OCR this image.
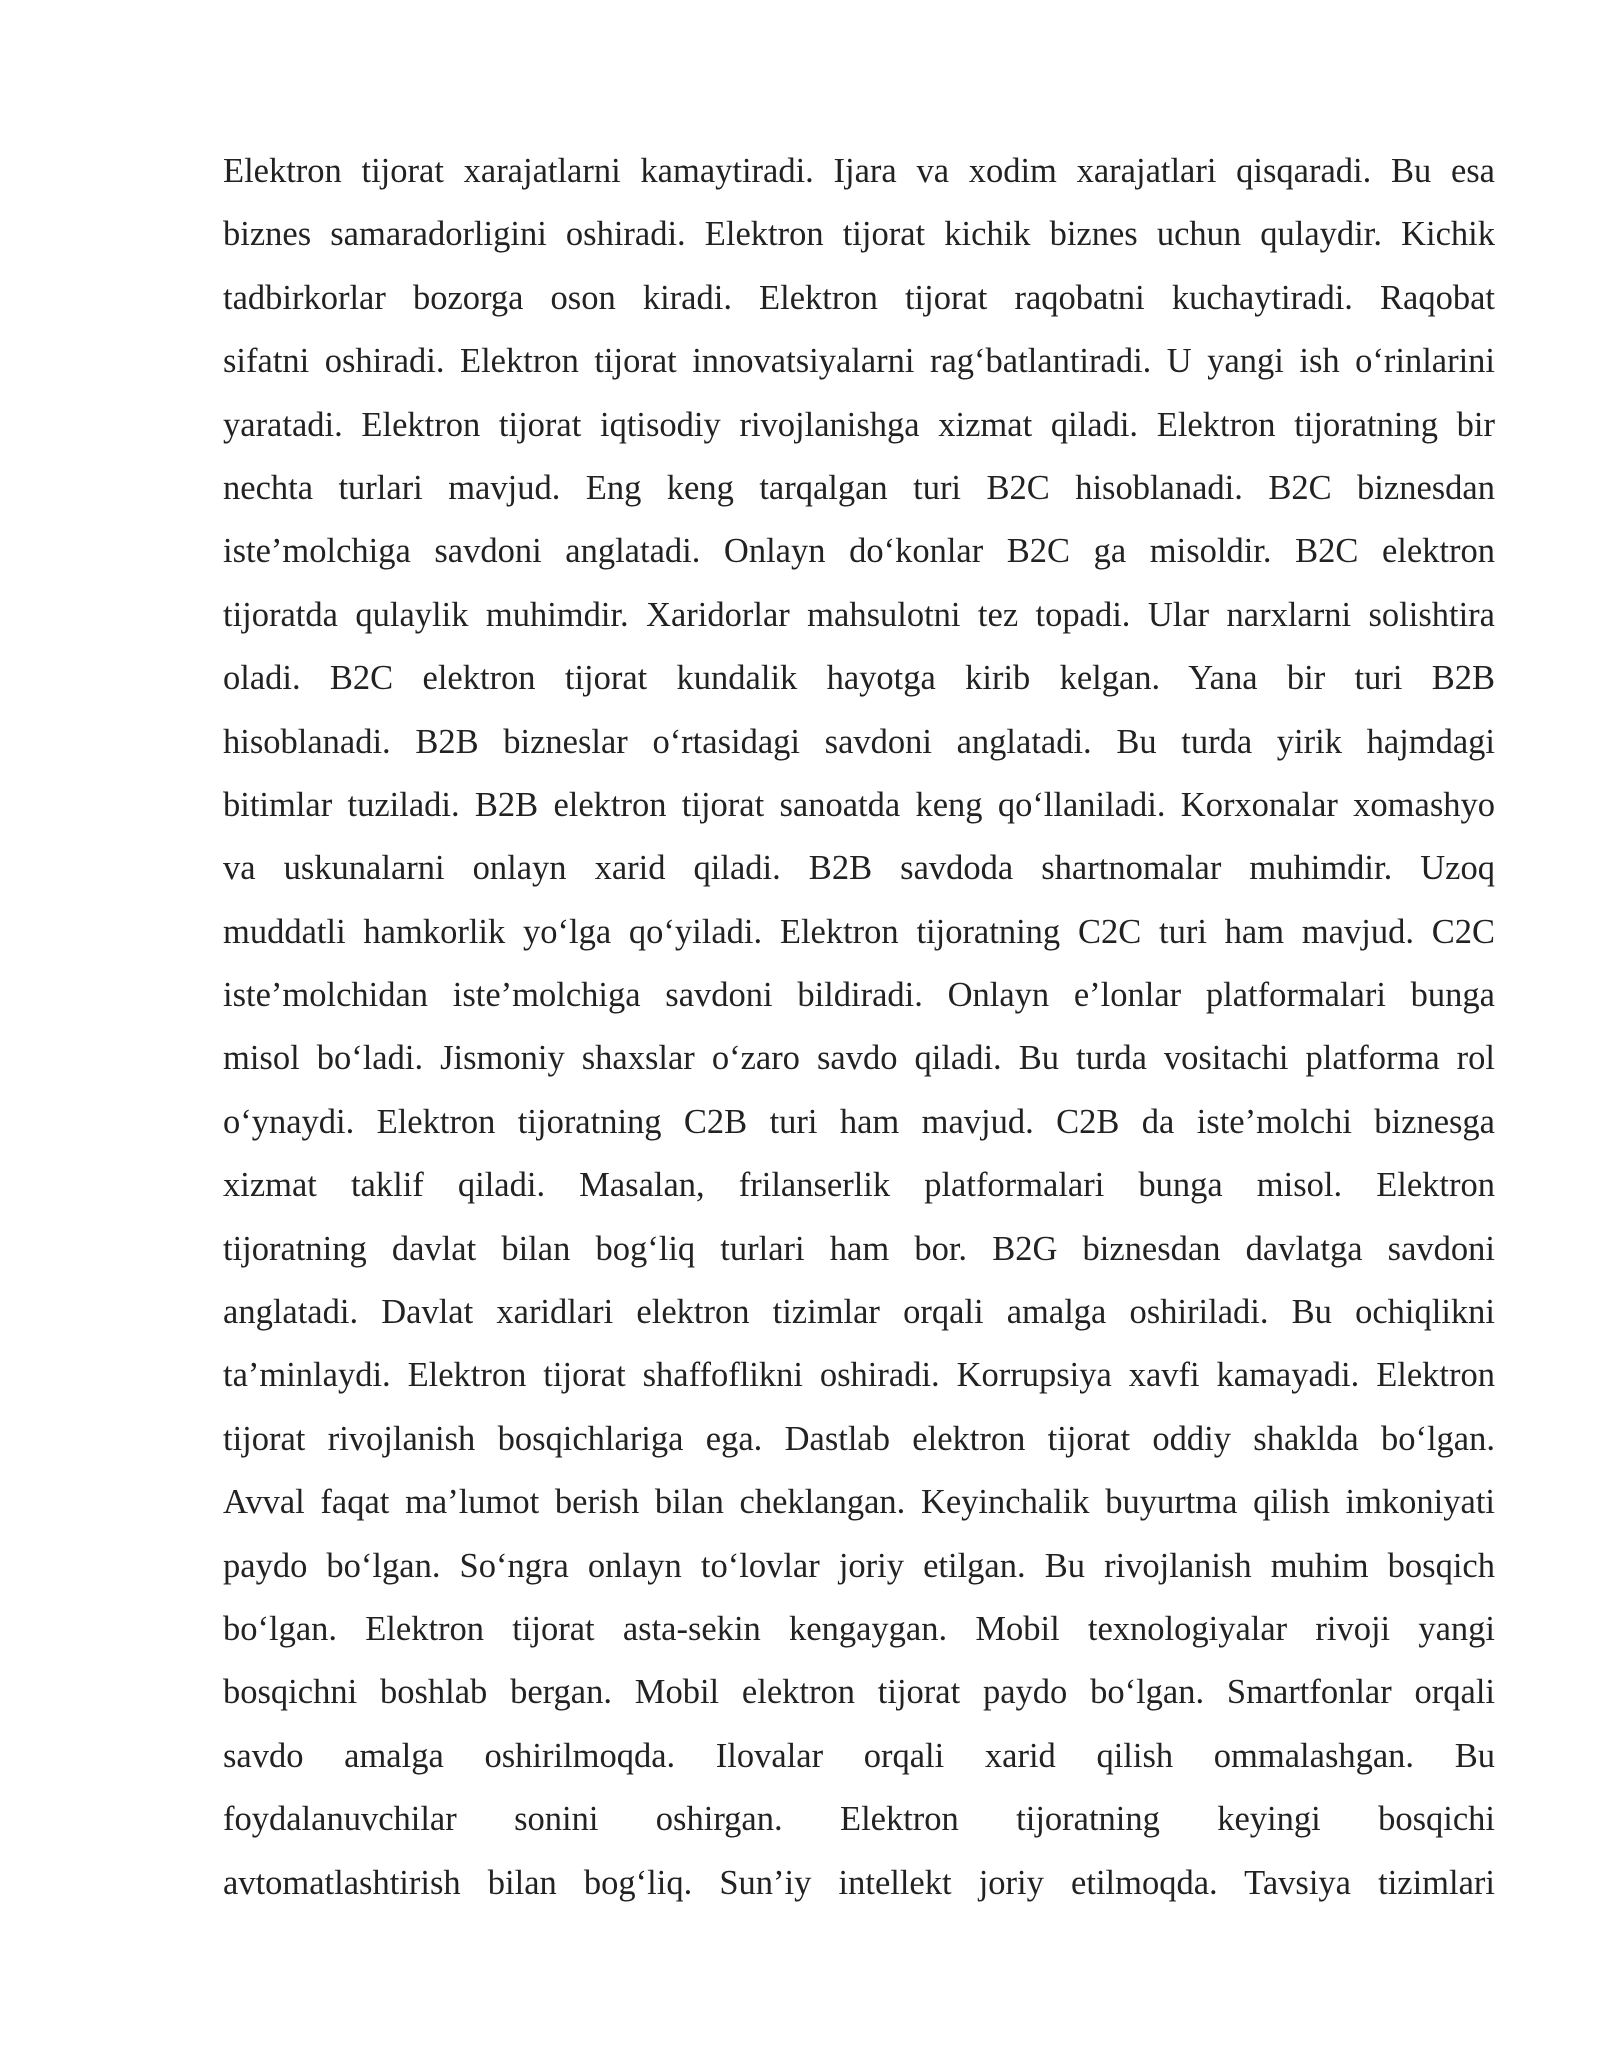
Elektron tijorat xarajatlarni kamaytiradi. Ijara va xodim xarajatlari qisqaradi. Bu esa
biznes samaradorligini oshiradi. Elektron tijorat kichik biznes uchun qulaydir. Kichik
tadbirkorlar bozorga oson kiradi. Elektron tijorat raqobatni kuchaytiradi. Raqobat
sifatni oshiradi. Elektron tijorat innovatsiyalarni rag‘batlantiradi. U yangi ish o‘rinlarini
yaratadi. Elektron tijorat iqtisodiy rivojlanishga xizmat qiladi. Elektron tijoratning bir
nechta turlari mavjud. Eng keng tarqalgan turi B2C hisoblanadi. B2C biznesdan
iste’molchiga savdoni anglatadi. Onlayn do‘konlar B2C ga misoldir. B2C elektron
tijoratda qulaylik muhimdir. Xaridorlar mahsulotni tez topadi. Ular narxlarni solishtira
oladi. B2C elektron tijorat kundalik hayotga kirib kelgan. Yana bir turi B2B
hisoblanadi. B2B bizneslar o‘rtasidagi savdoni anglatadi. Bu turda yirik hajmdagi
bitimlar tuziladi. B2B elektron tijorat sanoatda keng qo‘llaniladi. Korxonalar xomashyo
va uskunalarni onlayn xarid qiladi. B2B savdoda shartnomalar muhimdir. Uzoq
muddatli hamkorlik yo‘lga qo‘yiladi. Elektron tijoratning C2C turi ham mavjud. C2C
iste’molchidan iste’molchiga savdoni bildiradi. Onlayn e’lonlar platformalari bunga
misol bo‘ladi. Jismoniy shaxslar o‘zaro savdo qiladi. Bu turda vositachi platforma rol
o‘ynaydi. Elektron tijoratning C2B turi ham mavjud. C2B da iste’molchi biznesga
xizmat taklif qiladi. Masalan, frilanserlik platformalari bunga misol. Elektron
tijoratning davlat bilan bog‘liq turlari ham bor. B2G biznesdan davlatga savdoni
anglatadi. Davlat xaridlari elektron tizimlar orqali amalga oshiriladi. Bu ochiqlikni
ta’minlaydi. Elektron tijorat shaffoflikni oshiradi. Korrupsiya xavfi kamayadi. Elektron
tijorat rivojlanish bosqichlariga ega. Dastlab elektron tijorat oddiy shaklda bo‘lgan.
Avval faqat ma’lumot berish bilan cheklangan. Keyinchalik buyurtma qilish imkoniyati
paydo bo‘lgan. So‘ngra onlayn to‘lovlar joriy etilgan. Bu rivojlanish muhim bosqich
bo‘lgan. Elektron tijorat asta-sekin kengaygan. Mobil texnologiyalar rivoji yangi
bosqichni boshlab bergan. Mobil elektron tijorat paydo bo‘lgan. Smartfonlar orqali
savdo amalga oshirilmoqda. Ilovalar orqali xarid qilish ommalashgan. Bu
foydalanuvchilar sonini oshirgan. Elektron tijoratning keyingi bosqichi
avtomatlashtirish bilan bog‘liq. Sun’iy intellekt joriy etilmoqda. Tavsiya tizimlari
